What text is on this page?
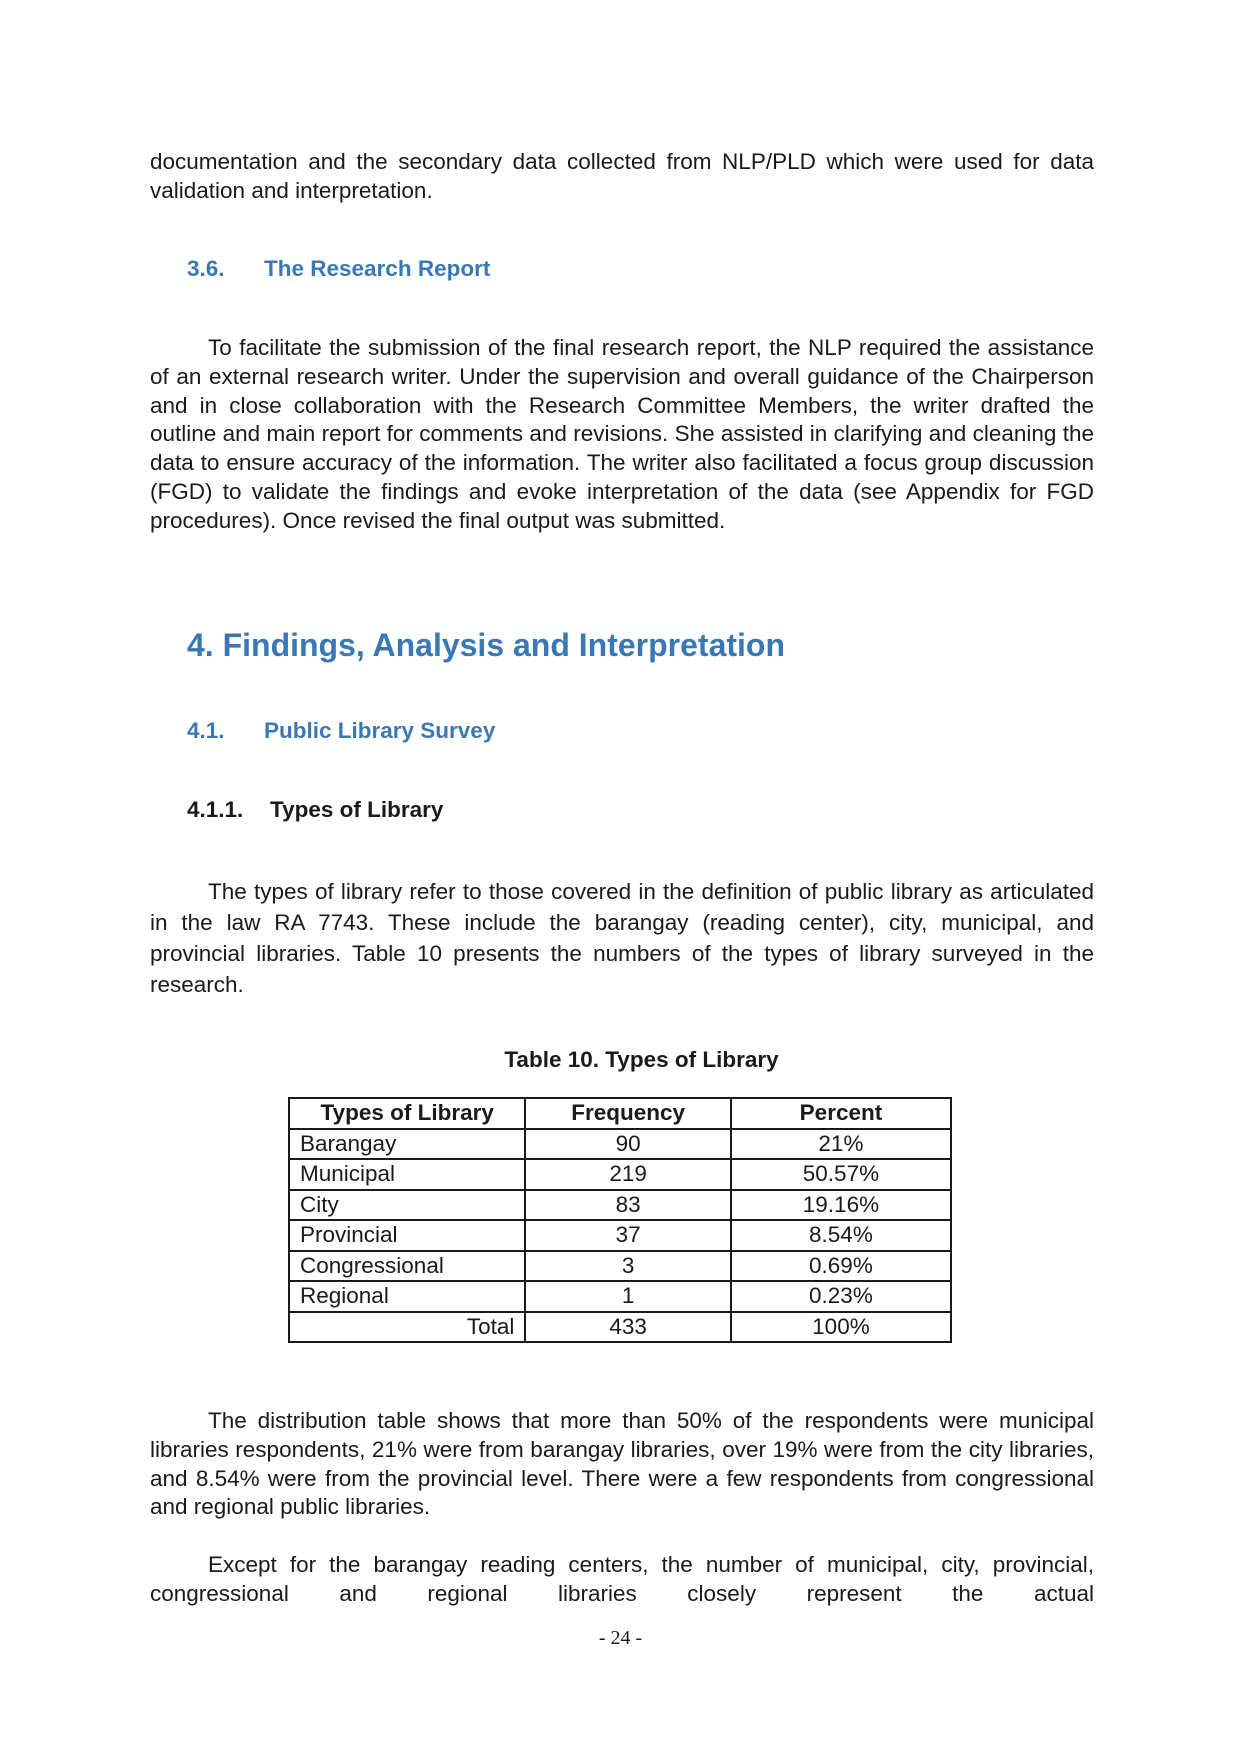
documentation and the secondary data collected from NLP/PLD which were used for data validation and interpretation.

3.6. The Research Report

To facilitate the submission of the final research report, the NLP required the assistance of an external research writer. Under the supervision and overall guidance of the Chairperson and in close collaboration with the Research Committee Members, the writer drafted the outline and main report for comments and revisions. She assisted in clarifying and cleaning the data to ensure accuracy of the information. The writer also facilitated a focus group discussion (FGD) to validate the findings and evoke interpretation of the data (see Appendix for FGD procedures). Once revised the final output was submitted.

4. Findings, Analysis and Interpretation
4.1. Public Library Survey
4.1.1. Types of Library

The types of library refer to those covered in the definition of public library as articulated in the law RA 7743. These include the barangay (reading center), city, municipal, and provincial libraries. Table 10 presents the numbers of the types of library surveyed in the research.

Table 10. Types of Library

Types of Library	Frequency	Percent
Barangay	90	21%
Municipal	219	50.57%
City	83	19.16%
Provincial	37	8.54%
Congressional	3	0.69%
Regional	1	0.23%
Total	433	100%

The distribution table shows that more than 50% of the respondents were municipal libraries respondents, 21% were from barangay libraries, over 19% were from the city libraries, and 8.54% were from the provincial level. There were a few respondents from congressional and regional public libraries.

Except for the barangay reading centers, the number of municipal, city, provincial, congressional and regional libraries closely represent the actual

- 24 -
